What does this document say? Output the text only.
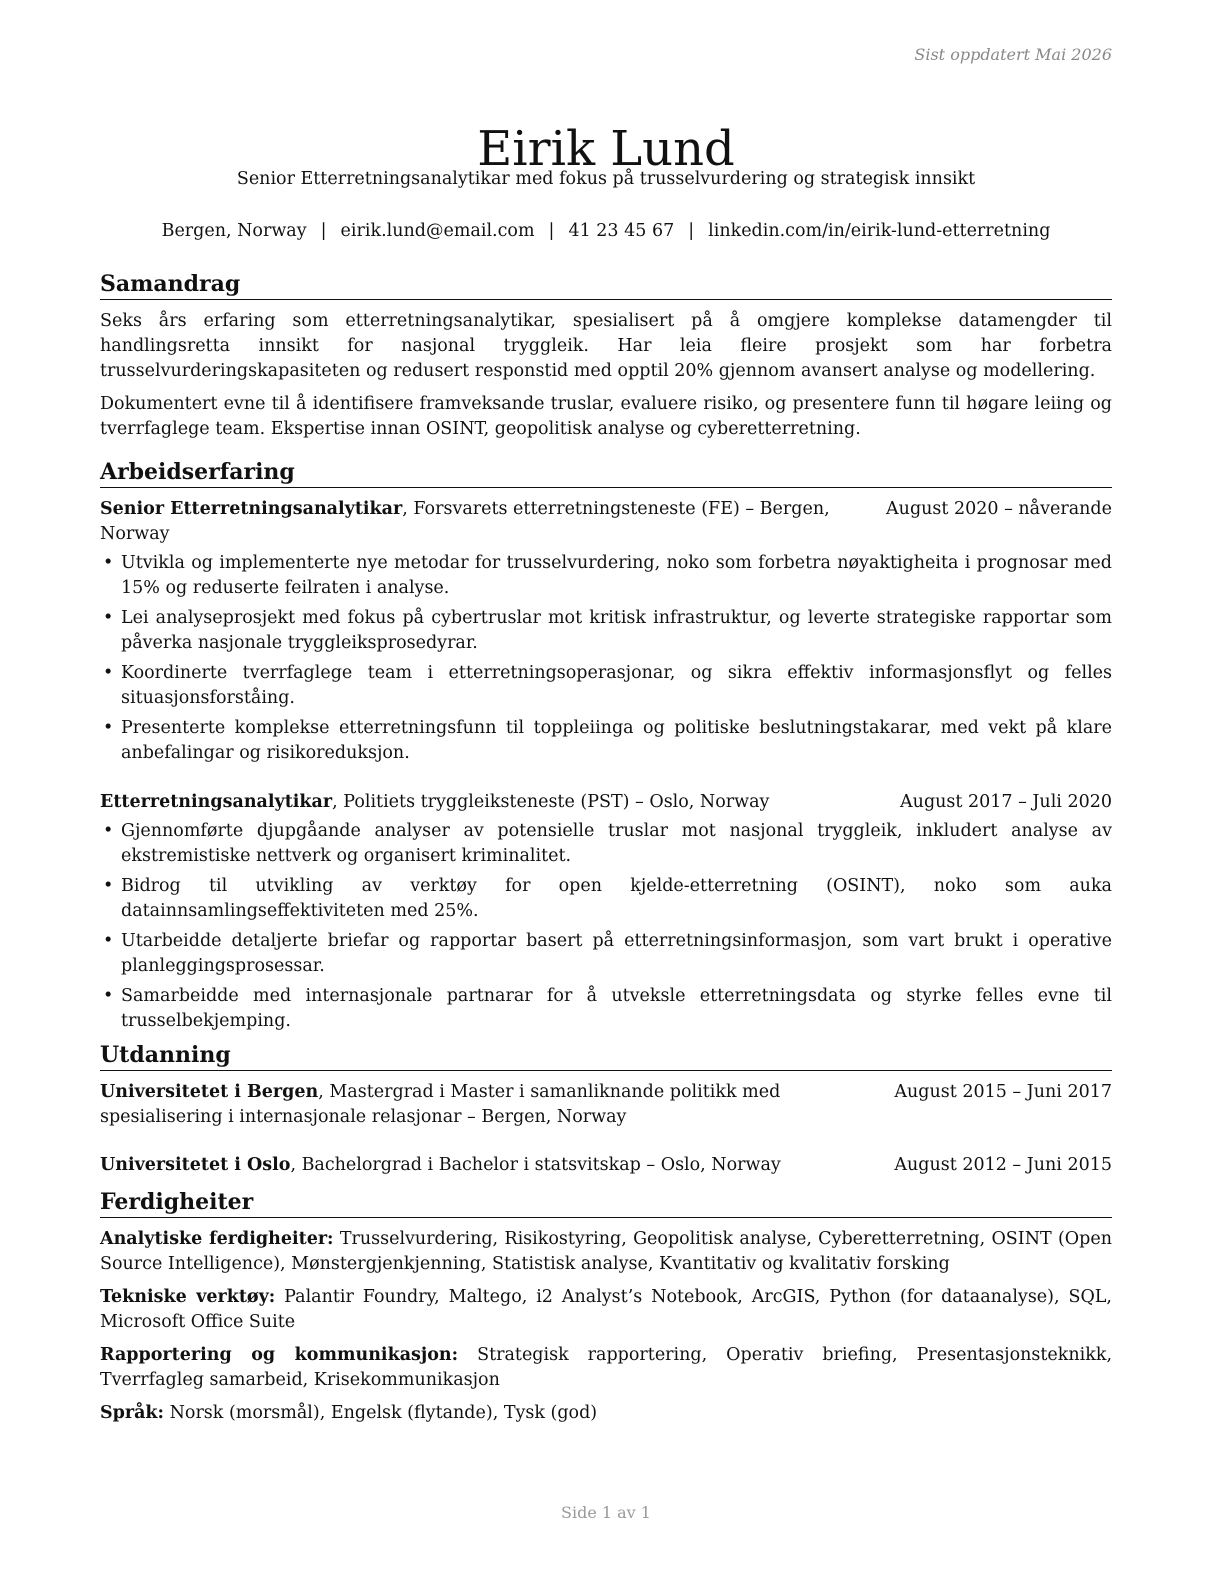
Sist oppdatert Mai 2026
Eirik Lund
Senior Etterretningsanalytikar med fokus på trusselvurdering og strategisk innsikt
Bergen, Norway | eirik.lund@email.com | 41 23 45 67 | linkedin.com/in/eirik-lund-etterretning
Samandrag

Seks års erfaring som etterretningsanalytikar, spesialisert på å omgjere komplekse datamengder til handlingsretta innsikt for nasjonal tryggleik. Har leia fleire prosjekt som har forbetra trusselvurderingskapasiteten og redusert responstid med opptil 20% gjennom avansert analyse og modellering.

Dokumentert evne til å identifisere framveksande truslar, evaluere risiko, og presentere funn til høgare leiing og tverrfaglege team. Ekspertise innan OSINT, geopolitisk analyse og cyberetterretning.

Arbeidserfaring
Senior Etterretningsanalytikar, Forsvarets etterretningsteneste (FE) – Bergen, Norway
August 2020 – nåverande
• Utvikla og implementerte nye metodar for trusselvurdering, noko som forbetra nøyaktigheita i prognosar med 15% og reduserte feilraten i analyse.
• Lei analyseprosjekt med fokus på cybertruslar mot kritisk infrastruktur, og leverte strategiske rapportar som påverka nasjonale tryggleiksprosedyrar.
• Koordinerte tverrfaglege team i etterretningsoperasjonar, og sikra effektiv informasjonsflyt og felles situasjonsforståing.
• Presenterte komplekse etterretningsfunn til toppleiinga og politiske beslutningstakarar, med vekt på klare anbefalingar og risikoreduksjon.
Etterretningsanalytikar, Politiets tryggleiksteneste (PST) – Oslo, Norway	August 2017 – Juli 2020
• Gjennomførte djupgåande analyser av potensielle truslar mot nasjonal tryggleik, inkludert analyse av ekstremistiske nettverk og organisert kriminalitet.
• Bidrog til utvikling av verktøy for open kjelde-etterretning (OSINT), noko som auka datainnsamlingseffektiviteten med 25%.
• Utarbeidde detaljerte briefar og rapportar basert på etterretningsinformasjon, som vart brukt i operative planleggingsprosessar.
• Samarbeidde med internasjonale partnarar for å utveksle etterretningsdata og styrke felles evne til trusselbekjemping.
Utdanning
Universitetet i Bergen, Mastergrad i Master i samanliknande politikk med spesialisering i internasjonale relasjonar – Bergen, Norway
August 2015 – Juni 2017
Universitetet i Oslo, Bachelorgrad i Bachelor i statsvitskap – Oslo, Norway	August 2012 – Juni 2015
Ferdigheiter

Analytiske ferdigheiter: Trusselvurdering, Risikostyring, Geopolitisk analyse, Cyberetterretning, OSINT (Open Source Intelligence), Mønstergjenkjenning, Statistisk analyse, Kvantitativ og kvalitativ forsking

Tekniske verktøy: Palantir Foundry, Maltego, i2 Analyst’s Notebook, ArcGIS, Python (for dataanalyse), SQL, Microsoft Office Suite

Rapportering og kommunikasjon: Strategisk rapportering, Operativ briefing, Presentasjonsteknikk, Tverrfagleg samarbeid, Krisekommunikasjon

Språk: Norsk (morsmål), Engelsk (flytande), Tysk (god)

Side 1 av 1
